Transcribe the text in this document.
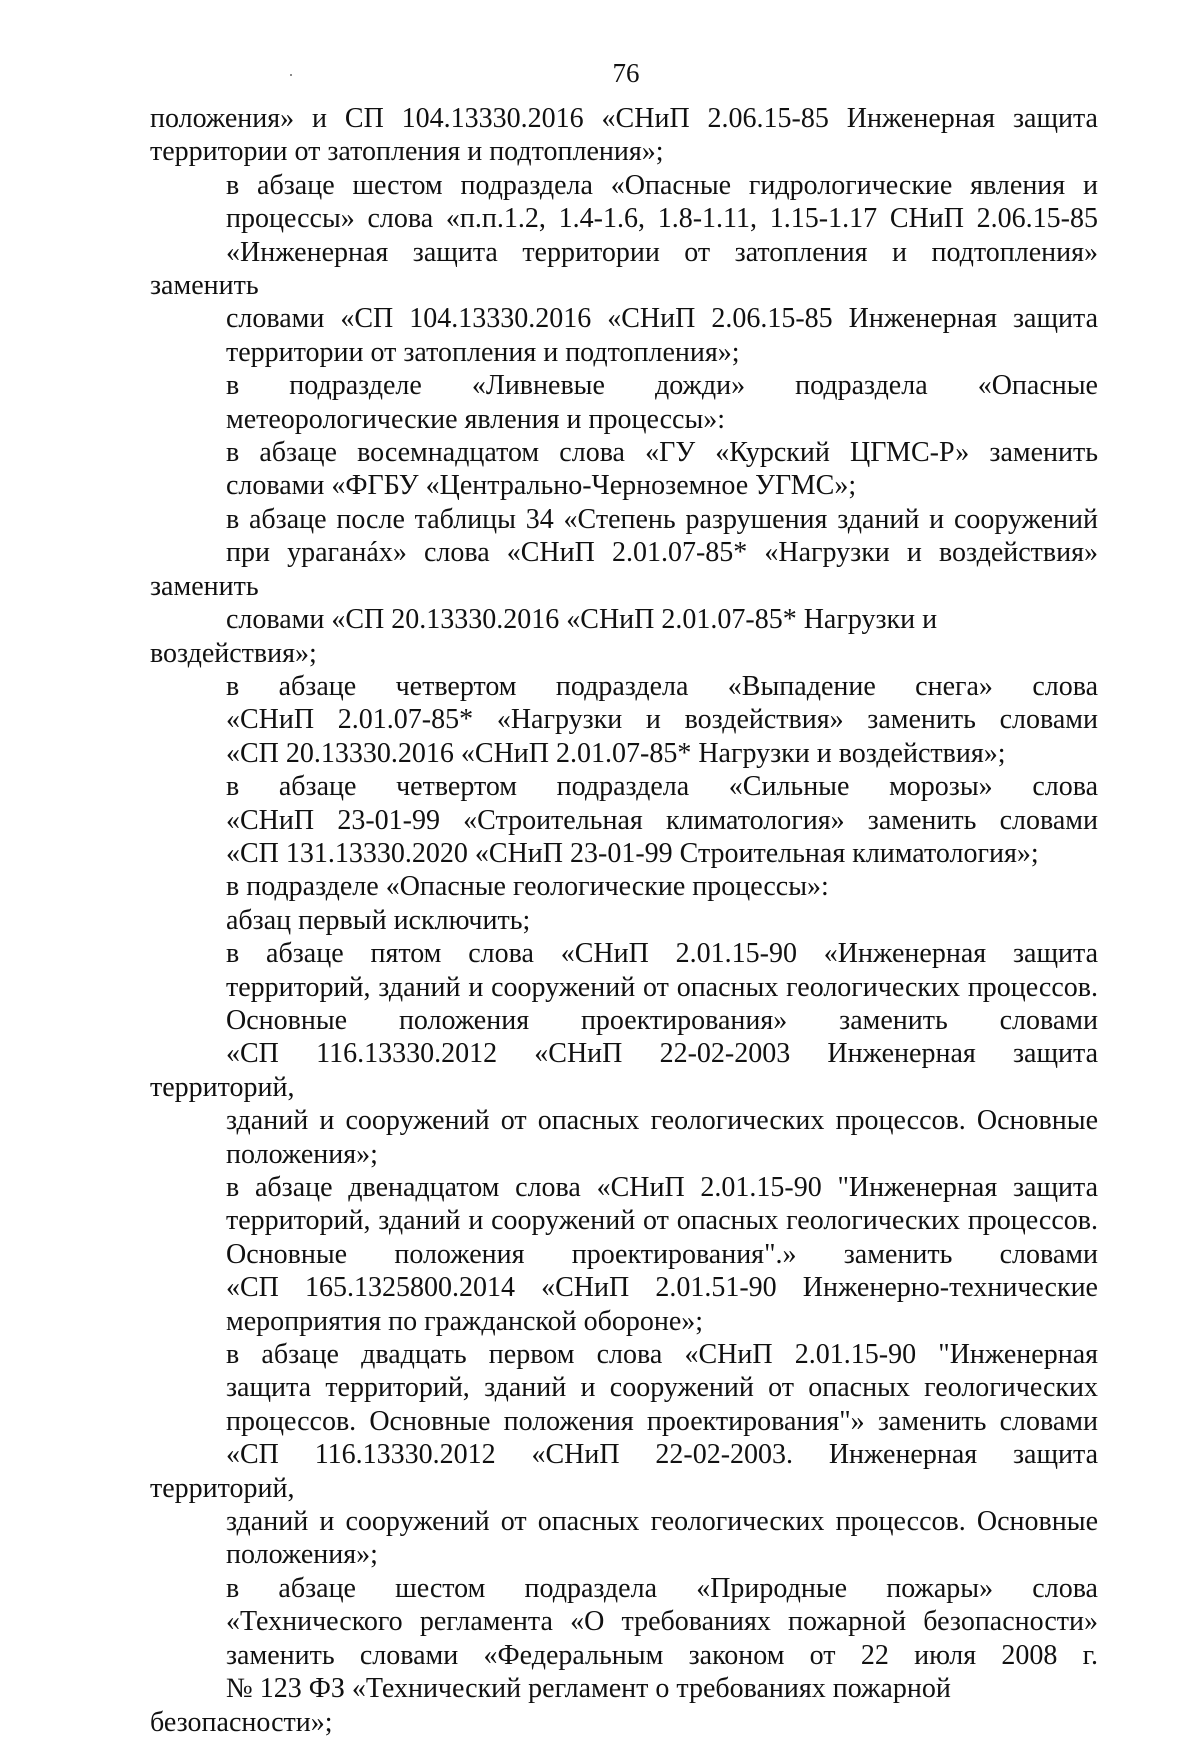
76

положения» и СП 104.13330.2016 «СНиП 2.06.15-85 Инженерная защита
территории от затопления и подтопления»;

в абзаце шестом подраздела «Опасные гидрологические явления и
процессы» слова «п.п.1.2, 1.4-1.6, 1.8-1.11, 1.15-1.17 СНиП 2.06.15-85
«Инженерная защита территории от затопления и подтопления» заменить
словами «СП 104.13330.2016 «СНиП 2.06.15-85 Инженерная защита
территории от затопления и подтопления»;

в подразделе «Ливневые дожди» подраздела «Опасные
метеорологические явления и процессы»:

в абзаце восемнадцатом слова «ГУ «Курский ЦГМС-Р» заменить
словами «ФГБУ «Центрально-Черноземное УГМС»;

в абзаце после таблицы 34 «Степень разрушения зданий и сооружений
при ураганáх» слова «СНиП 2.01.07-85* «Нагрузки и воздействия» заменить
словами «СП 20.13330.2016 «СНиП 2.01.07-85* Нагрузки и воздействия»;

в абзаце четвертом подраздела «Выпадение снега» слова
«СНиП 2.01.07-85* «Нагрузки и воздействия» заменить словами
«СП 20.13330.2016 «СНиП 2.01.07-85* Нагрузки и воздействия»;

в абзаце четвертом подраздела «Сильные морозы» слова
«СНиП 23-01-99 «Строительная климатология» заменить словами
«СП 131.13330.2020 «СНиП 23-01-99 Строительная климатология»;

в подразделе «Опасные геологические процессы»:

абзац первый исключить;

в абзаце пятом слова «СНиП 2.01.15-90 «Инженерная защита
территорий, зданий и сооружений от опасных геологических процессов.
Основные положения проектирования» заменить словами
«СП 116.13330.2012 «СНиП 22-02-2003 Инженерная защита территорий,
зданий и сооружений от опасных геологических процессов. Основные
положения»;

в абзаце двенадцатом слова «СНиП 2.01.15-90 "Инженерная защита
территорий, зданий и сооружений от опасных геологических процессов.
Основные положения проектирования".» заменить словами
«СП 165.1325800.2014 «СНиП 2.01.51-90 Инженерно-технические
мероприятия по гражданской обороне»;

в абзаце двадцать первом слова «СНиП 2.01.15-90 "Инженерная
защита территорий, зданий и сооружений от опасных геологических
процессов. Основные положения проектирования"» заменить словами
«СП 116.13330.2012 «СНиП 22-02-2003. Инженерная защита территорий,
зданий и сооружений от опасных геологических процессов. Основные
положения»;

в абзаце шестом подраздела «Природные пожары» слова
«Технического регламента «О требованиях пожарной безопасности»
заменить словами «Федеральным законом от 22 июля 2008 г.
№ 123 ФЗ «Технический регламент о требованиях пожарной безопасности»;
